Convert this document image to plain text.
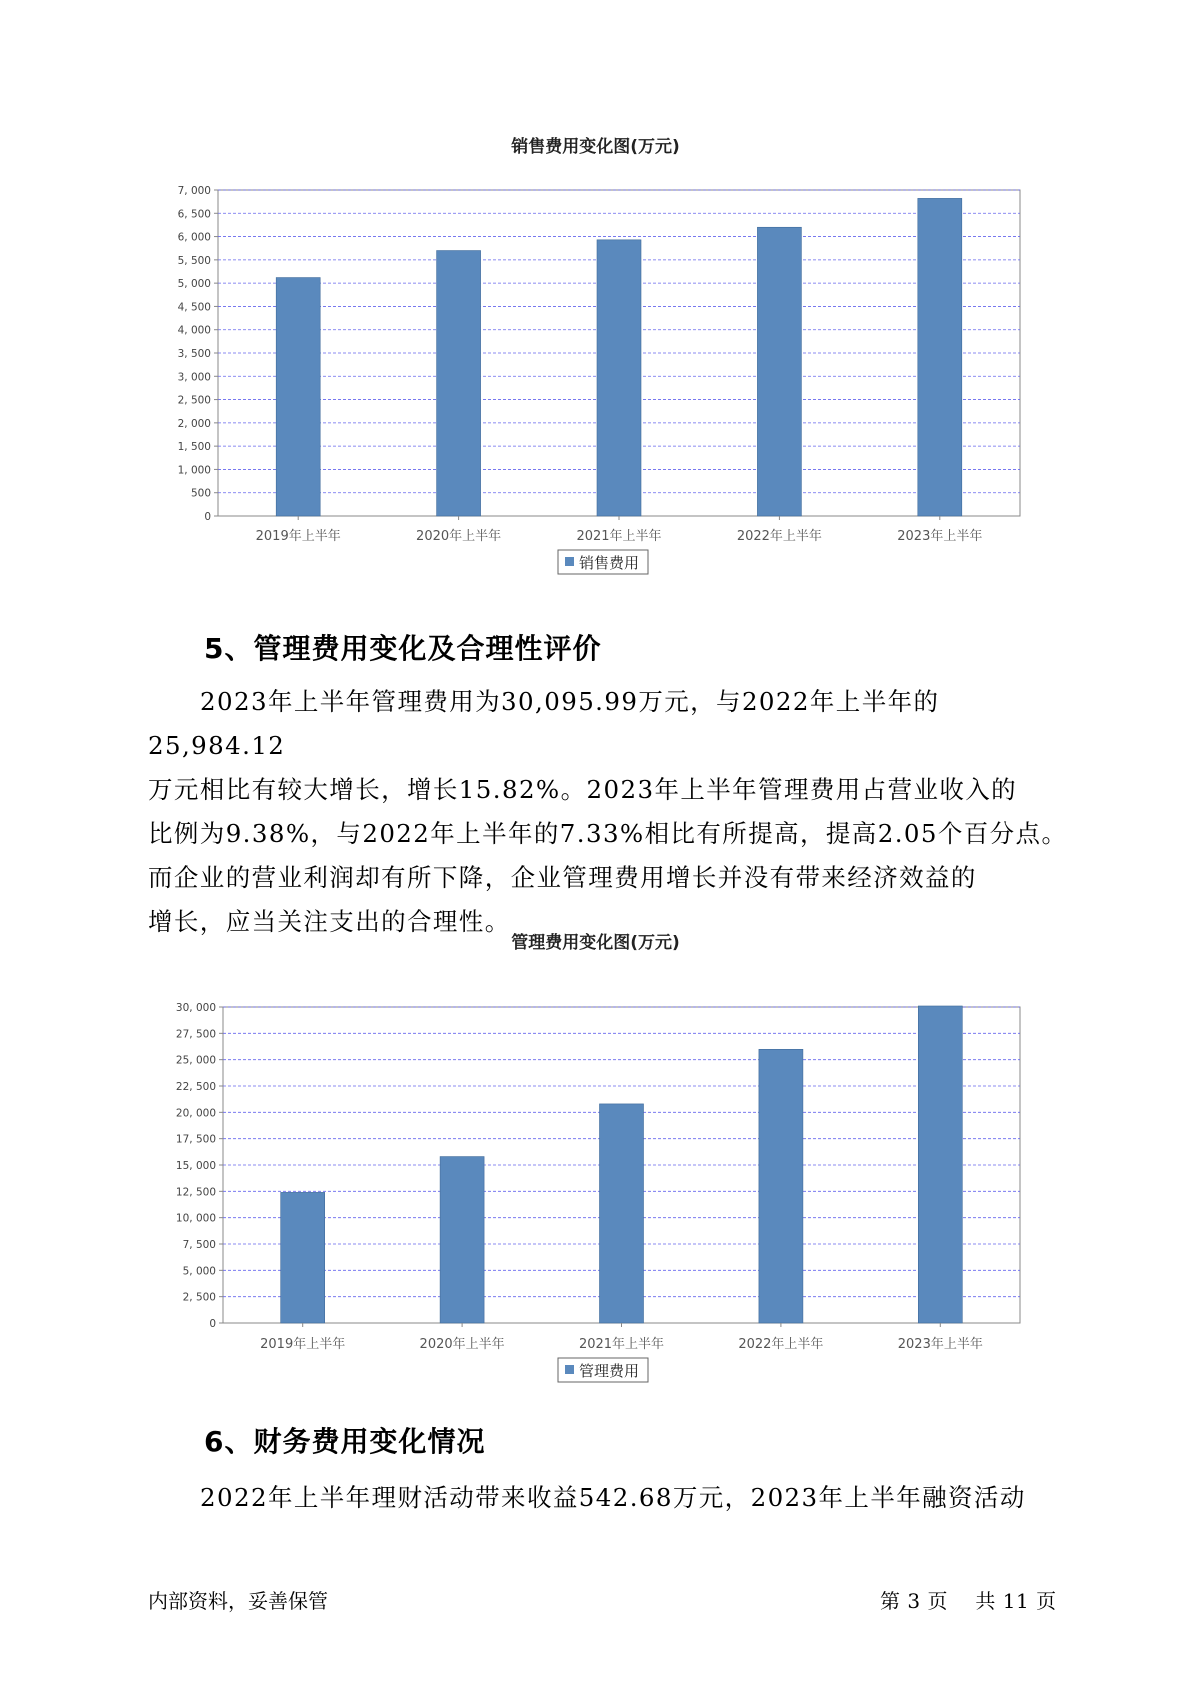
销售费用变化图(万元)
0
500
1, 000
1, 500
2, 000
2, 500
3, 000
3, 500
4, 000
4, 500
5, 000
5, 500
6, 000
6, 500
7, 000
2019年上半年	2020年上半年	2021年上半年	2022年上半年	2023年上半年
销售费用
5、管理费用变化及合理性评价

2023年上半年管理费用为30,095.99万元，与2022年上半年的25,984.12

万元相比有较大增长，增长15.82%。2023年上半年管理费用占营业收入的

比例为9.38%，与2022年上半年的7.33%相比有所提高，提高2.05个百分点。

而企业的营业利润却有所下降，企业管理费用增长并没有带来经济效益的

增长，应当关注支出的合理性。

管理费用变化图(万元)
0
2, 500
5, 000
7, 500
10, 000
12, 500
15, 000
17, 500
20, 000
22, 500
25, 000
27, 500
30, 000
2019年上半年	2020年上半年	2021年上半年	2022年上半年	2023年上半年
管理费用
6、财务费用变化情况

2022年上半年理财活动带来收益542.68万元，2023年上半年融资活动

内部资料，妥善保管	第 3 页 共 11 页
